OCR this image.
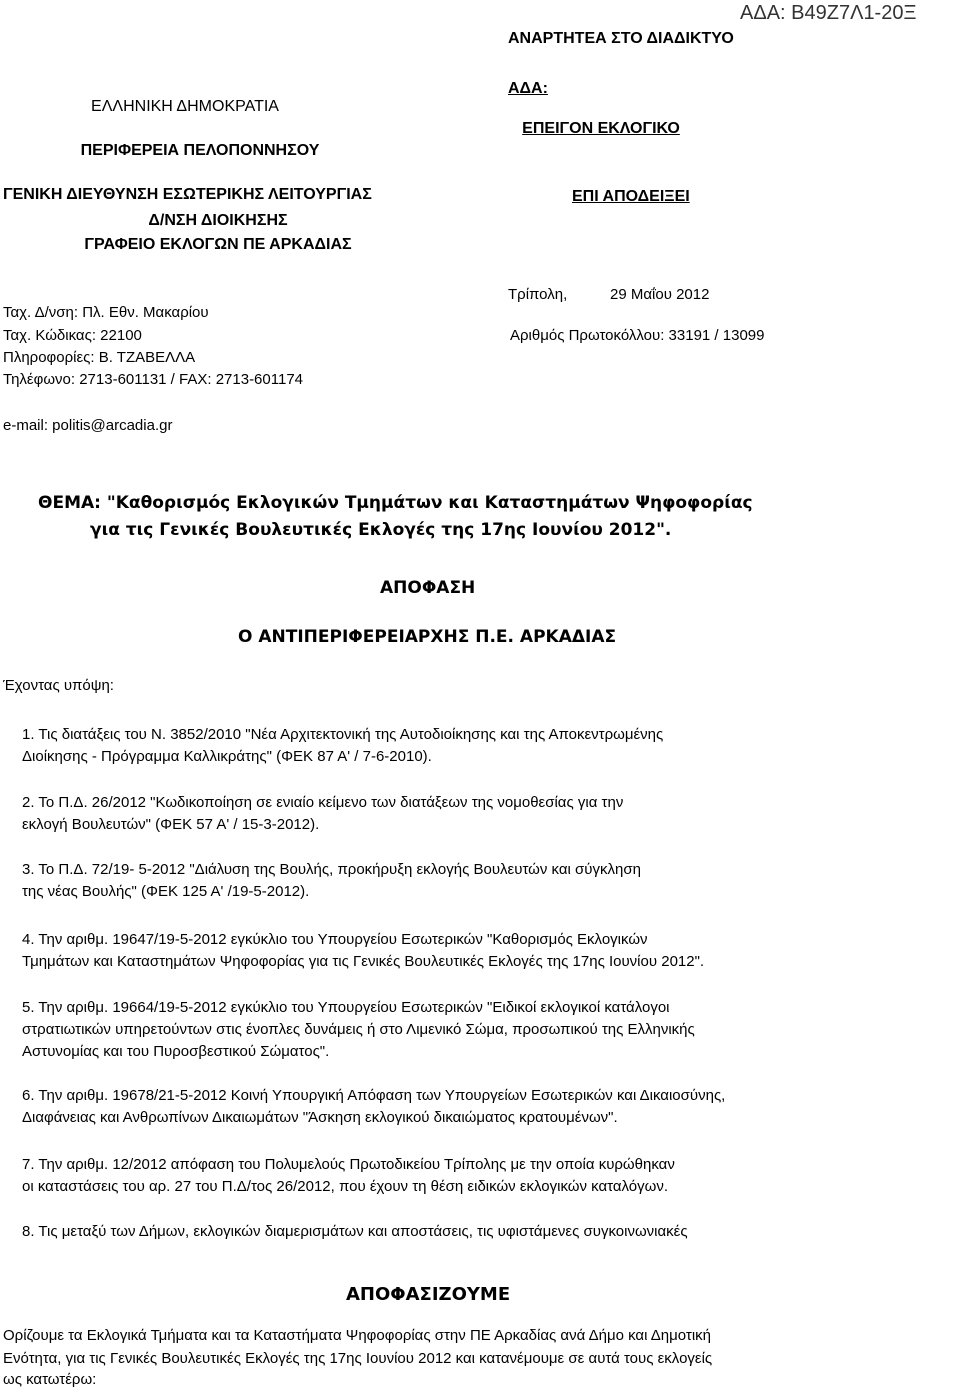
ΑΔΑ: Β49Ζ7Λ1-20Ξ
ΕΛΛΗΝΙΚΗ ΔΗΜΟΚΡΑΤΙΑ
ΠΕΡΙΦΕΡΕΙΑ ΠΕΛΟΠΟΝΝΗΣΟΥ
ΓΕΝΙΚΗ ΔΙΕΥΘΥΝΣΗ ΕΣΩΤΕΡΙΚΗΣ ΛΕΙΤΟΥΡΓΙΑΣ
Δ/ΝΣΗ ΔΙΟΙΚΗΣΗΣ
ΓΡΑΦΕΙΟ ΕΚΛΟΓΩΝ ΠΕ ΑΡΚΑΔΙΑΣ
ΑΝΑΡΤΗΤΕΑ ΣΤΟ ΔΙΑΔΙΚΤΥΟ
ΑΔΑ:
ΕΠΕΙΓΟΝ ΕΚΛΟΓΙΚΟ
ΕΠΙ ΑΠΟΔΕΙΞΕΙ
Ταχ. Δ/νση: Πλ. Εθν. Μακαρίου
Ταχ. Κώδικας: 22100
Πληροφορίες: Β. ΤΖΑΒΕΛΛΑ
Τηλέφωνο: 2713-601131 / FAX: 2713-601174
e-mail: politis@arcadia.gr
Τρίπολη,	29 Μαΐου 2012
Αριθμός Πρωτοκόλλου: 33191 / 13099
ΘΕΜΑ: "Καθορισμός Εκλογικών Τμημάτων και Καταστημάτων Ψηφοφορίας
για τις Γενικές Βουλευτικές Εκλογές της 17ης Ιουνίου 2012".
ΑΠΟΦΑΣΗ
Ο ΑΝΤΙΠΕΡΙΦΕΡΕΙΑΡΧΗΣ Π.Ε. ΑΡΚΑΔΙΑΣ
Έχοντας υπόψη:
1. Τις διατάξεις του Ν. 3852/2010 "Νέα Αρχιτεκτονική της Αυτοδιοίκησης και της Αποκεντρωμένης
Διοίκησης - Πρόγραμμα Καλλικράτης" (ΦΕΚ 87 Α' / 7-6-2010).
2. Το Π.Δ. 26/2012 "Κωδικοποίηση σε ενιαίο κείμενο των διατάξεων της νομοθεσίας για την
εκλογή Βουλευτών" (ΦΕΚ 57 Α' / 15-3-2012).
3. Το Π.Δ. 72/19- 5-2012 "Διάλυση της Βουλής, προκήρυξη εκλογής Βουλευτών και σύγκληση
της νέας Βουλής" (ΦΕΚ 125 Α' /19-5-2012).
4. Την αριθμ. 19647/19-5-2012 εγκύκλιο του Υπουργείου Εσωτερικών "Καθορισμός Εκλογικών
Τμημάτων και Καταστημάτων Ψηφοφορίας για τις Γενικές Βουλευτικές Εκλογές της 17ης Ιουνίου 2012".
5. Την αριθμ. 19664/19-5-2012 εγκύκλιο του Υπουργείου Εσωτερικών "Ειδικοί εκλογικοί κατάλογοι
στρατιωτικών υπηρετούντων στις ένοπλες δυνάμεις ή στο Λιμενικό Σώμα, προσωπικού της Ελληνικής
Αστυνομίας και του Πυροσβεστικού Σώματος".
6. Την αριθμ. 19678/21-5-2012 Κοινή Υπουργική Απόφαση των Υπουργείων Εσωτερικών και Δικαιοσύνης,
Διαφάνειας και Ανθρωπίνων Δικαιωμάτων "Άσκηση εκλογικού δικαιώματος κρατουμένων".
7. Την αριθμ. 12/2012 απόφαση του Πολυμελούς Πρωτοδικείου Τρίπολης με την οποία κυρώθηκαν
οι καταστάσεις του αρ. 27 του Π.Δ/τος 26/2012, που έχουν τη θέση ειδικών εκλογικών καταλόγων.
8. Τις μεταξύ των Δήμων, εκλογικών διαμερισμάτων και αποστάσεις, τις υφιστάμενες συγκοινωνιακές
ΑΠΟΦΑΣΙΖΟΥΜΕ
Ορίζουμε τα Εκλογικά Τμήματα και τα Καταστήματα Ψηφοφορίας στην ΠΕ Αρκαδίας ανά Δήμο και Δημοτική
Ενότητα, για τις Γενικές Βουλευτικές Εκλογές της 17ης Ιουνίου 2012 και κατανέμουμε σε αυτά τους εκλογείς
ως κατωτέρω:
